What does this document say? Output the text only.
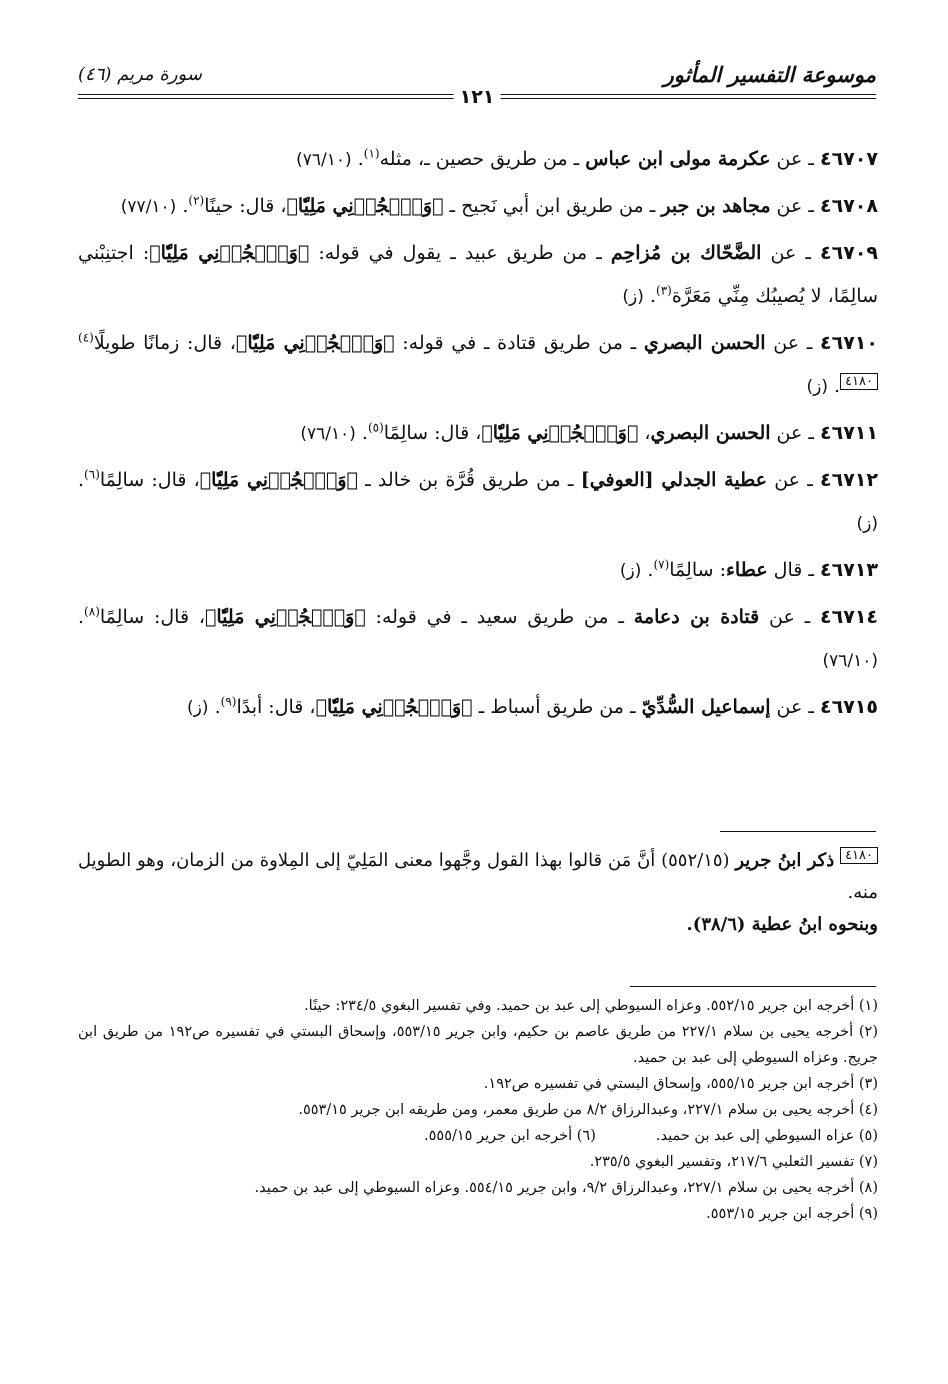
موسوعة التفسير المأثور
سورة مريم (٤٦)
١٢١

٤٦٧٠٧ ـ عن عكرمة مولى ابن عباس ـ من طريق حصين ـ، مثله$^{(١)}$. (٧٦/١٠)

٤٦٧٠٨ ـ عن مجاهد بن جبر ـ من طريق ابن أبي نَجيح ـ ﴿وَٱهۡجُرۡنِي مَلِيّٗا﴾، قال: حينًا$^{(٢)}$. (٧٧/١٠)

٤٦٧٠٩ ـ عن الضَّحّاك بن مُزاحِم ـ من طريق عبيد ـ يقول في قوله: ﴿وَٱهۡجُرۡنِي مَلِيّٗا﴾: اجتنِبْني سالِمًا، لا يُصيبُك مِنِّي مَعَرَّة$^{(٣)}$. (ز)

٤٦٧١٠ ـ عن الحسن البصري ـ من طريق قتادة ـ في قوله: ﴿وَٱهۡجُرۡنِي مَلِيّٗا﴾، قال: زمانًا طويلًا$^{(٤)}$٤١٨٠. (ز)

٤٦٧١١ ـ عن الحسن البصري، ﴿وَٱهۡجُرۡنِي مَلِيّٗا﴾، قال: سالِمًا$^{(٥)}$. (٧٦/١٠)

٤٦٧١٢ ـ عن عطية الجدلي [العوفي] ـ من طريق قُرَّة بن خالد ـ ﴿وَٱهۡجُرۡنِي مَلِيّٗا﴾، قال: سالِمًا$^{(٦)}$. (ز)

٤٦٧١٣ ـ قال عطاء: سالِمًا$^{(٧)}$. (ز)

٤٦٧١٤ ـ عن قتادة بن دعامة ـ من طريق سعيد ـ في قوله: ﴿وَٱهۡجُرۡنِي مَلِيّٗا﴾، قال: سالِمًا$^{(٨)}$. (٧٦/١٠)

٤٦٧١٥ ـ عن إسماعيل السُّدِّيّ ـ من طريق أسباط ـ ﴿وَٱهۡجُرۡنِي مَلِيّٗا﴾، قال: أبدًا$^{(٩)}$. (ز)

٤١٨٠ ذكر ابنُ جرير (٥٥٢/١٥) أنَّ مَن قالوا بهذا القول وجَّهوا معنى المَلِيّ إلى المِلاوة من الزمان، وهو الطويل منه.

وبنحوه ابنُ عطية (٣٨/٦).

(١) أخرجه ابن جرير ٥٥٢/١٥. وعزاه السيوطي إلى عبد بن حميد. وفي تفسير البغوي ٢٣٤/٥: حينًا.

(٢) أخرجه يحيى بن سلام ٢٢٧/١ من طريق عاصم بن حكيم، وابن جرير ٥٥٣/١٥، وإسحاق البستي في تفسيره ص١٩٢ من طريق ابن جريج. وعزاه السيوطي إلى عبد بن حميد.

(٣) أخرجه ابن جرير ٥٥٥/١٥، وإسحاق البستي في تفسيره ص١٩٢.

(٤) أخرجه يحيى بن سلام ٢٢٧/١، وعبدالرزاق ٨/٢ من طريق معمر، ومن طريقه ابن جرير ٥٥٣/١٥.

(٥) عزاه السيوطي إلى عبد بن حميد.
(٦) أخرجه ابن جرير ٥٥٥/١٥.

(٧) تفسير الثعلبي ٢١٧/٦، وتفسير البغوي ٢٣٥/٥.

(٨) أخرجه يحيى بن سلام ٢٢٧/١، وعبدالرزاق ٩/٢، وابن جرير ٥٥٤/١٥. وعزاه السيوطي إلى عبد بن حميد.

(٩) أخرجه ابن جرير ٥٥٣/١٥.
